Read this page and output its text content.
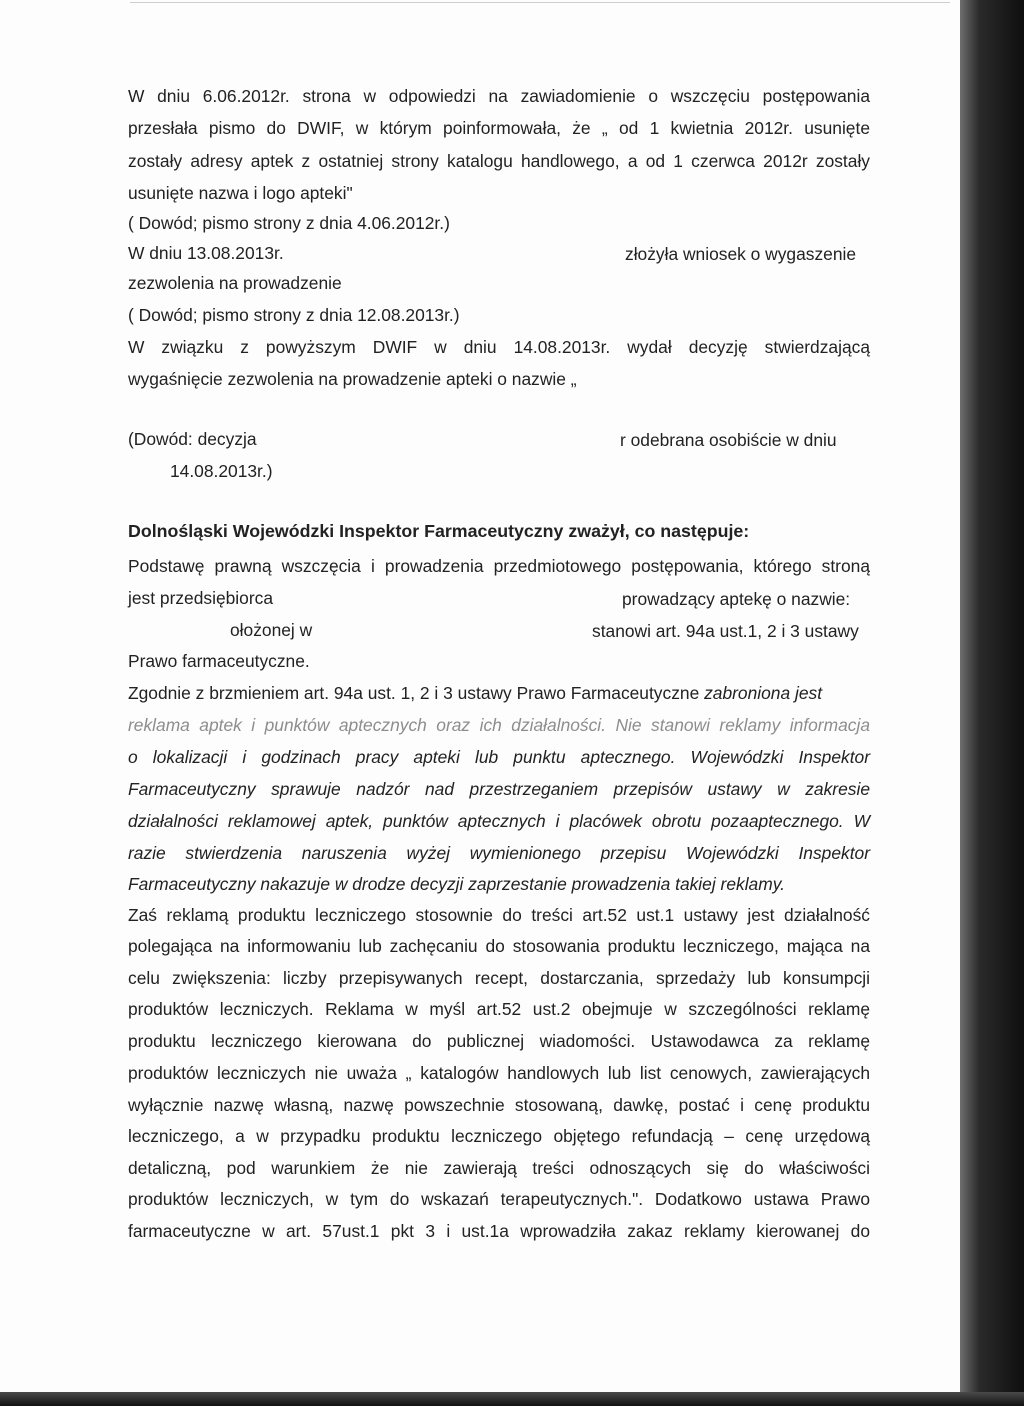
W dniu 6.06.2012r. strona w odpowiedzi na zawiadomienie o wszczęciu postępowania
przesłała pismo do DWIF, w którym poinformowała, że „ od 1 kwietnia 2012r. usunięte
zostały adresy aptek z ostatniej strony katalogu handlowego, a od 1 czerwca 2012r zostały
usunięte nazwa i logo apteki"
( Dowód; pismo strony z dnia 4.06.2012r.)
W dniu 13.08.2013r.	złożyła wniosek o wygaszenie
zezwolenia na prowadzenie
( Dowód; pismo strony z dnia 12.08.2013r.)
W związku z powyższym DWIF w dniu 14.08.2013r. wydał decyzję stwierdzającą
wygaśnięcie zezwolenia na prowadzenie apteki o nazwie „
(Dowód: decyzja	r odebrana osobiście w dniu
14.08.2013r.)
Dolnośląski Wojewódzki Inspektor Farmaceutyczny zważył, co następuje:
Podstawę prawną wszczęcia i prowadzenia przedmiotowego postępowania, którego stroną
jest przedsiębiorca	prowadzący aptekę o nazwie:
ołożonej w	stanowi art. 94a ust.1, 2 i 3 ustawy
Prawo farmaceutyczne.
Zgodnie z brzmieniem art. 94a ust. 1, 2 i 3 ustawy Prawo Farmaceutyczne zabroniona jest
reklama aptek i punktów aptecznych oraz ich działalności. Nie stanowi reklamy informacja
o lokalizacji i godzinach pracy apteki lub punktu aptecznego. Wojewódzki Inspektor
Farmaceutyczny sprawuje nadzór nad przestrzeganiem przepisów ustawy w zakresie
działalności reklamowej aptek, punktów aptecznych i placówek obrotu pozaaptecznego. W
razie stwierdzenia naruszenia wyżej wymienionego przepisu Wojewódzki Inspektor
Farmaceutyczny nakazuje w drodze decyzji zaprzestanie prowadzenia takiej reklamy.
Zaś reklamą produktu leczniczego stosownie do treści art.52 ust.1 ustawy jest działalność
polegająca na informowaniu lub zachęcaniu do stosowania produktu leczniczego, mająca na
celu zwiększenia: liczby przepisywanych recept, dostarczania, sprzedaży lub konsumpcji
produktów leczniczych. Reklama w myśl art.52 ust.2 obejmuje w szczególności reklamę
produktu leczniczego kierowana do publicznej wiadomości. Ustawodawca za reklamę
produktów leczniczych nie uważa „ katalogów handlowych lub list cenowych, zawierających
wyłącznie nazwę własną, nazwę powszechnie stosowaną, dawkę, postać i cenę produktu
leczniczego, a w przypadku produktu leczniczego objętego refundacją – cenę urzędową
detaliczną, pod warunkiem że nie zawierają treści odnoszących się do właściwości
produktów leczniczych, w tym do wskazań terapeutycznych.". Dodatkowo ustawa Prawo
farmaceutyczne w art. 57ust.1 pkt 3 i ust.1a wprowadziła zakaz reklamy kierowanej do
